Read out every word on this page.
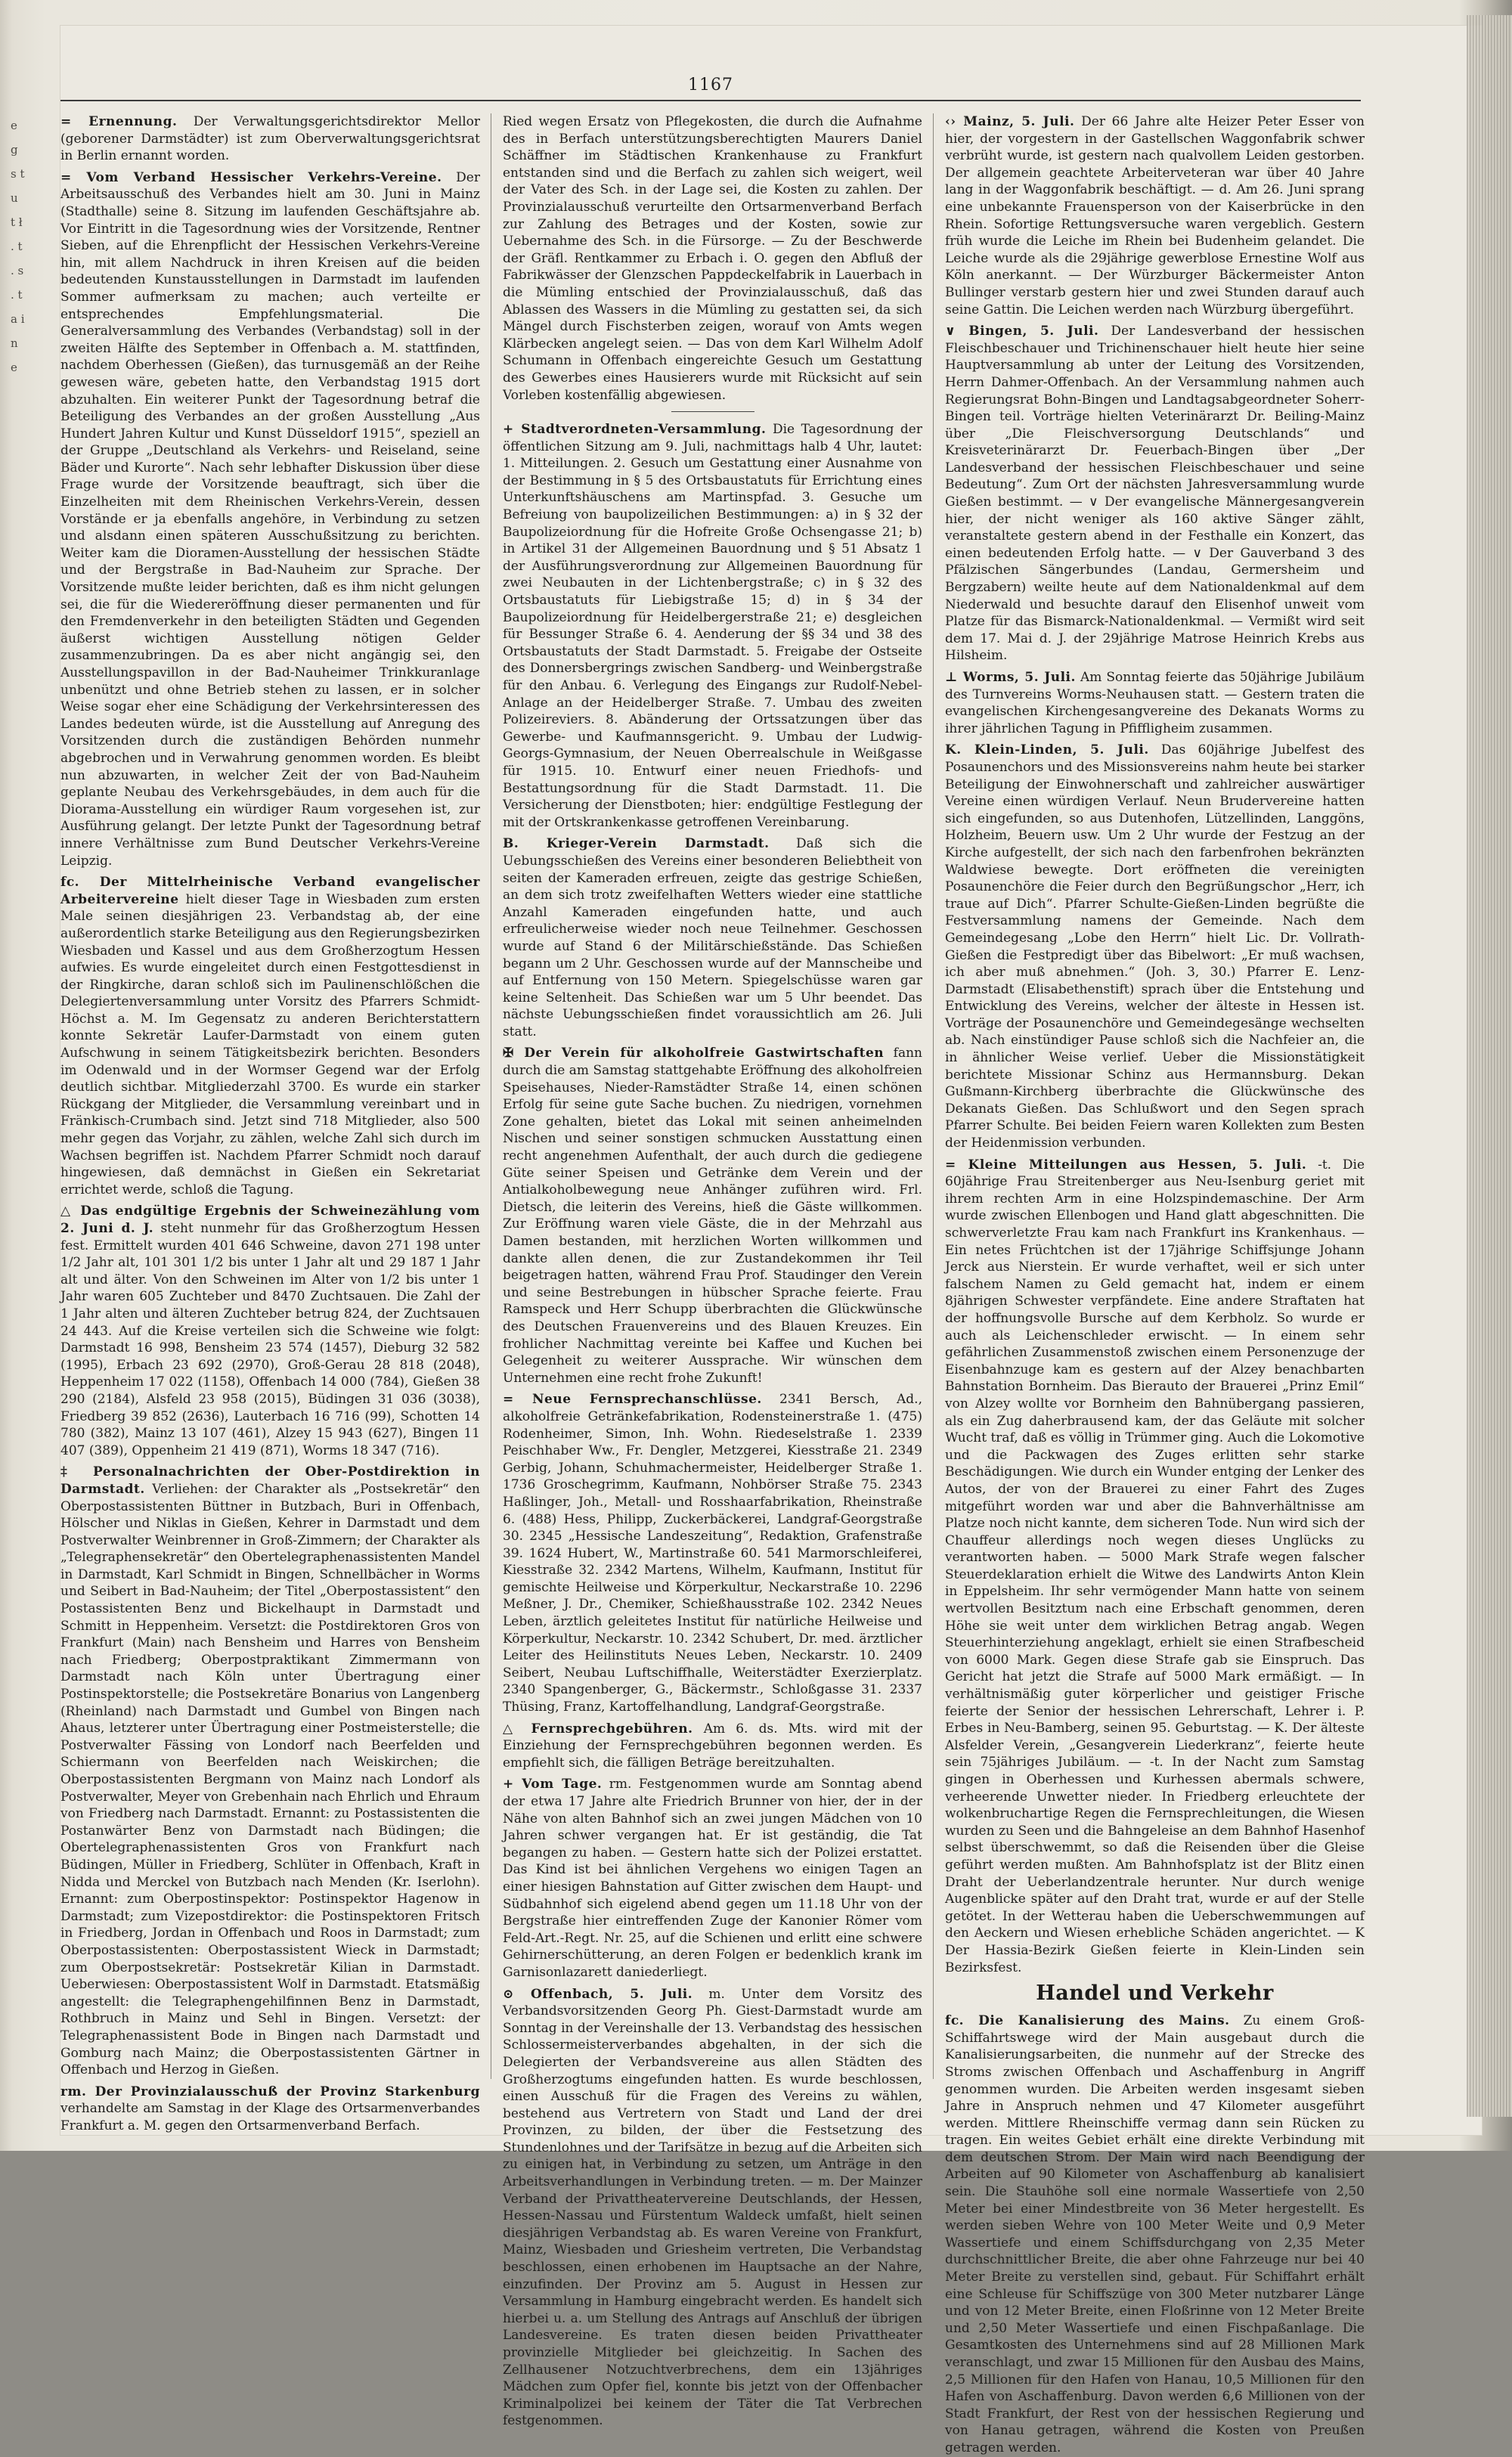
e g s t u t ł . t . s . t a i n e
1167

= Ernennung. Der Verwaltungsgerichtsdirektor Mellor (geborener Darmstädter) ist zum Oberverwaltungsgerichtsrat in Berlin ernannt worden.

= Vom Verband Hessischer Verkehrs-Vereine. Der Arbeitsausschuß des Verbandes hielt am 30. Juni in Mainz (Stadthalle) seine 8. Sitzung im laufenden Geschäftsjahre ab. Vor Eintritt in die Tagesordnung wies der Vorsitzende, Rentner Sieben, auf die Ehrenpflicht der Hessischen Verkehrs-Vereine hin, mit allem Nachdruck in ihren Kreisen auf die beiden bedeutenden Kunstausstellungen in Darmstadt im laufenden Sommer aufmerksam zu machen; auch verteilte er entsprechendes Empfehlungsmaterial. Die Generalversammlung des Verbandes (Verbandstag) soll in der zweiten Hälfte des September in Offenbach a. M. stattfinden, nachdem Oberhessen (Gießen), das turnusgemäß an der Reihe gewesen wäre, gebeten hatte, den Verbandstag 1915 dort abzuhalten. Ein weiterer Punkt der Tagesordnung betraf die Beteiligung des Verbandes an der großen Ausstellung „Aus Hundert Jahren Kultur und Kunst Düsseldorf 1915“, speziell an der Gruppe „Deutschland als Verkehrs- und Reiseland, seine Bäder und Kurorte“. Nach sehr lebhafter Diskussion über diese Frage wurde der Vorsitzende beauftragt, sich über die Einzelheiten mit dem Rheinischen Verkehrs-Verein, dessen Vorstände er ja ebenfalls angehöre, in Verbindung zu setzen und alsdann einen späteren Ausschußsitzung zu berichten. Weiter kam die Dioramen-Ausstellung der hessischen Städte und der Bergstraße in Bad-Nauheim zur Sprache. Der Vorsitzende mußte leider berichten, daß es ihm nicht gelungen sei, die für die Wiedereröffnung dieser permanenten und für den Fremdenverkehr in den beteiligten Städten und Gegenden äußerst wichtigen Ausstellung nötigen Gelder zusammenzubringen. Da es aber nicht angängig sei, den Ausstellungspavillon in der Bad-Nauheimer Trinkkuranlage unbenützt und ohne Betrieb stehen zu lassen, er in solcher Weise sogar eher eine Schädigung der Verkehrsinteressen des Landes bedeuten würde, ist die Ausstellung auf Anregung des Vorsitzenden durch die zuständigen Behörden nunmehr abgebrochen und in Verwahrung genommen worden. Es bleibt nun abzuwarten, in welcher Zeit der von Bad-Nauheim geplante Neubau des Verkehrsgebäudes, in dem auch für die Diorama-Ausstellung ein würdiger Raum vorgesehen ist, zur Ausführung gelangt. Der letzte Punkt der Tagesordnung betraf innere Verhältnisse zum Bund Deutscher Verkehrs-Vereine Leipzig.

fc. Der Mittelrheinische Verband evangelischer Arbeitervereine hielt dieser Tage in Wiesbaden zum ersten Male seinen diesjährigen 23. Verbandstag ab, der eine außerordentlich starke Beteiligung aus den Regierungsbezirken Wiesbaden und Kassel und aus dem Großherzogtum Hessen aufwies. Es wurde eingeleitet durch einen Festgottesdienst in der Ringkirche, daran schloß sich im Paulinenschlößchen die Delegiertenversammlung unter Vorsitz des Pfarrers Schmidt-Höchst a. M. Im Gegensatz zu anderen Berichterstattern konnte Sekretär Laufer-Darmstadt von einem guten Aufschwung in seinem Tätigkeitsbezirk berichten. Besonders im Odenwald und in der Wormser Gegend war der Erfolg deutlich sichtbar. Mitgliederzahl 3700. Es wurde ein starker Rückgang der Mitglieder, die Versammlung vereinbart und in Fränkisch-Crumbach sind. Jetzt sind 718 Mitglieder, also 500 mehr gegen das Vorjahr, zu zählen, welche Zahl sich durch im Wachsen begriffen ist. Nachdem Pfarrer Schmidt noch darauf hingewiesen, daß demnächst in Gießen ein Sekretariat errichtet werde, schloß die Tagung.

△ Das endgültige Ergebnis der Schweinezählung vom 2. Juni d. J. steht nunmehr für das Großherzogtum Hessen fest. Ermittelt wurden 401 646 Schweine, davon 271 198 unter 1/2 Jahr alt, 101 301 1/2 bis unter 1 Jahr alt und 29 187 1 Jahr alt und älter. Von den Schweinen im Alter von 1/2 bis unter 1 Jahr waren 605 Zuchteber und 8470 Zuchtsauen. Die Zahl der 1 Jahr alten und älteren Zuchteber betrug 824, der Zuchtsauen 24 443. Auf die Kreise verteilen sich die Schweine wie folgt: Darmstadt 16 998, Bensheim 23 574 (1457), Dieburg 32 582 (1995), Erbach 23 692 (2970), Groß-Gerau 28 818 (2048), Heppenheim 17 022 (1158), Offenbach 14 000 (784), Gießen 38 290 (2184), Alsfeld 23 958 (2015), Büdingen 31 036 (3038), Friedberg 39 852 (2636), Lauterbach 16 716 (99), Schotten 14 780 (382), Mainz 13 107 (461), Alzey 15 943 (627), Bingen 11 407 (389), Oppenheim 21 419 (871), Worms 18 347 (716).

‡ Personalnachrichten der Ober-Postdirektion in Darmstadt. Verliehen: der Charakter als „Postsekretär“ den Oberpostassistenten Büttner in Butzbach, Buri in Offenbach, Hölscher und Niklas in Gießen, Kehrer in Darmstadt und dem Postverwalter Weinbrenner in Groß-Zimmern; der Charakter als „Telegraphensekretär“ den Obertelegraphenassistenten Mandel in Darmstadt, Karl Schmidt in Bingen, Schnellbächer in Worms und Seibert in Bad-Nauheim; der Titel „Oberpostassistent“ den Postassistenten Benz und Bickelhaupt in Darmstadt und Schmitt in Heppenheim. Versetzt: die Postdirektoren Gros von Frankfurt (Main) nach Bensheim und Harres von Bensheim nach Friedberg; Oberpostpraktikant Zimmermann von Darmstadt nach Köln unter Übertragung einer Postinspektorstelle; die Postsekretäre Bonarius von Langenberg (Rheinland) nach Darmstadt und Gumbel von Bingen nach Ahaus, letzterer unter Übertragung einer Postmeisterstelle; die Postverwalter Fässing von Londorf nach Beerfelden und Schiermann von Beerfelden nach Weiskirchen; die Oberpostassistenten Bergmann von Mainz nach Londorf als Postverwalter, Meyer von Grebenhain nach Ehrlich und Ehraum von Friedberg nach Darmstadt. Ernannt: zu Postassistenten die Postanwärter Benz von Darmstadt nach Büdingen; die Obertelegraphenassistenten Gros von Frankfurt nach Büdingen, Müller in Friedberg, Schlüter in Offenbach, Kraft in Nidda und Merckel von Butzbach nach Menden (Kr. Iserlohn). Ernannt: zum Oberpostinspektor: Postinspektor Hagenow in Darmstadt; zum Vizepostdirektor: die Postinspektoren Fritsch in Friedberg, Jordan in Offenbach und Roos in Darmstadt; zum Oberpostassistenten: Oberpostassistent Wieck in Darmstadt; zum Oberpostsekretär: Postsekretär Kilian in Darmstadt. Ueberwiesen: Oberpostassistent Wolf in Darmstadt. Etatsmäßig angestellt: die Telegraphengehilfinnen Benz in Darmstadt, Rothbruch in Mainz und Sehl in Bingen. Versetzt: der Telegraphenassistent Bode in Bingen nach Darmstadt und Gomburg nach Mainz; die Oberpostassistenten Gärtner in Offenbach und Herzog in Gießen.

rm. Der Provinzialausschuß der Provinz Starkenburg verhandelte am Samstag in der Klage des Ortsarmenverbandes Frankfurt a. M. gegen den Ortsarmenverband Berfach.

Ried wegen Ersatz von Pflegekosten, die durch die Aufnahme des in Berfach unterstützungsberechtigten Maurers Daniel Schäffner im Städtischen Krankenhause zu Frankfurt entstanden sind und die Berfach zu zahlen sich weigert, weil der Vater des Sch. in der Lage sei, die Kosten zu zahlen. Der Provinzialausschuß verurteilte den Ortsarmenverband Berfach zur Zahlung des Betrages und der Kosten, sowie zur Uebernahme des Sch. in die Fürsorge. — Zu der Beschwerde der Gräfl. Rentkammer zu Erbach i. O. gegen den Abfluß der Fabrikwässer der Glenzschen Pappdeckelfabrik in Lauerbach in die Mümling entschied der Provinzialausschuß, daß das Ablassen des Wassers in die Mümling zu gestatten sei, da sich Mängel durch Fischsterben zeigen, worauf von Amts wegen Klärbecken angelegt seien. — Das von dem Karl Wilhelm Adolf Schumann in Offenbach eingereichte Gesuch um Gestattung des Gewerbes eines Hausierers wurde mit Rücksicht auf sein Vorleben kostenfällig abgewiesen.

+ Stadtverordneten-Versammlung. Die Tagesordnung der öffentlichen Sitzung am 9. Juli, nachmittags halb 4 Uhr, lautet: 1. Mitteilungen. 2. Gesuch um Gestattung einer Ausnahme von der Bestimmung in § 5 des Ortsbaustatuts für Errichtung eines Unterkunftshäuschens am Martinspfad. 3. Gesuche um Befreiung von baupolizeilichen Bestimmungen: a) in § 32 der Baupolizeiordnung für die Hofreite Große Ochsengasse 21; b) in Artikel 31 der Allgemeinen Bauordnung und § 51 Absatz 1 der Ausführungsverordnung zur Allgemeinen Bauordnung für zwei Neubauten in der Lichtenbergstraße; c) in § 32 des Ortsbaustatuts für Liebigstraße 15; d) in § 34 der Baupolizeiordnung für Heidelbergerstraße 21; e) desgleichen für Bessunger Straße 6. 4. Aenderung der §§ 34 und 38 des Ortsbaustatuts der Stadt Darmstadt. 5. Freigabe der Ostseite des Donnersbergrings zwischen Sandberg- und Weinbergstraße für den Anbau. 6. Verlegung des Eingangs zur Rudolf-Nebel-Anlage an der Heidelberger Straße. 7. Umbau des zweiten Polizeireviers. 8. Abänderung der Ortssatzungen über das Gewerbe- und Kaufmannsgericht. 9. Umbau der Ludwig-Georgs-Gymnasium, der Neuen Oberrealschule in Weißgasse für 1915. 10. Entwurf einer neuen Friedhofs- und Bestattungsordnung für die Stadt Darmstadt. 11. Die Versicherung der Dienstboten; hier: endgültige Festlegung der mit der Ortskrankenkasse getroffenen Vereinbarung.

B. Krieger-Verein Darmstadt. Daß sich die Uebungsschießen des Vereins einer besonderen Beliebtheit von seiten der Kameraden erfreuen, zeigte das gestrige Schießen, an dem sich trotz zweifelhaften Wetters wieder eine stattliche Anzahl Kameraden eingefunden hatte, und auch erfreulicherweise wieder noch neue Teilnehmer. Geschossen wurde auf Stand 6 der Militärschießstände. Das Schießen begann um 2 Uhr. Geschossen wurde auf der Mannscheibe und auf Entfernung von 150 Metern. Spiegelschüsse waren gar keine Seltenheit. Das Schießen war um 5 Uhr beendet. Das nächste Uebungsschießen findet voraussichtlich am 26. Juli statt.

✠ Der Verein für alkoholfreie Gastwirtschaften fann durch die am Samstag stattgehabte Eröffnung des alkoholfreien Speisehauses, Nieder-Ramstädter Straße 14, einen schönen Erfolg für seine gute Sache buchen. Zu niedrigen, vornehmen Zone gehalten, bietet das Lokal mit seinen anheimelnden Nischen und seiner sonstigen schmucken Ausstattung einen recht angenehmen Aufenthalt, der auch durch die gediegene Güte seiner Speisen und Getränke dem Verein und der Antialkoholbewegung neue Anhänger zuführen wird. Frl. Dietsch, die leiterin des Vereins, hieß die Gäste willkommen. Zur Eröffnung waren viele Gäste, die in der Mehrzahl aus Damen bestanden, mit herzlichen Worten willkommen und dankte allen denen, die zur Zustandekommen ihr Teil beigetragen hatten, während Frau Prof. Staudinger den Verein und seine Bestrebungen in hübscher Sprache feierte. Frau Ramspeck und Herr Schupp überbrachten die Glückwünsche des Deutschen Frauenvereins und des Blauen Kreuzes. Ein frohlicher Nachmittag vereinte bei Kaffee und Kuchen bei Gelegenheit zu weiterer Aussprache. Wir wünschen dem Unternehmen eine recht frohe Zukunft!

= Neue Fernsprechanschlüsse. 2341 Bersch, Ad., alkoholfreie Getränkefabrikation, Rodensteinerstraße 1. (475) Rodenheimer, Simon, Inh. Wohn. Riedeselstraße 1. 2339 Peischhaber Ww., Fr. Dengler, Metzgerei, Kiesstraße 21. 2349 Gerbig, Johann, Schuhmachermeister, Heidelberger Straße 1. 1736 Groschegrimm, Kaufmann, Nohbörser Straße 75. 2343 Haßlinger, Joh., Metall- und Rosshaarfabrikation, Rheinstraße 6. (488) Hess, Philipp, Zuckerbäckerei, Landgraf-Georgstraße 30. 2345 „Hessische Landeszeitung“, Redaktion, Grafenstraße 39. 1624 Hubert, W., Martinstraße 60. 541 Marmorschleiferei, Kiesstraße 32. 2342 Martens, Wilhelm, Kaufmann, Institut für gemischte Heilweise und Körperkultur, Neckarstraße 10. 2296 Meßner, J. Dr., Chemiker, Schießhausstraße 102. 2342 Neues Leben, ärztlich geleitetes Institut für natürliche Heilweise und Körperkultur, Neckarstr. 10. 2342 Schubert, Dr. med. ärztlicher Leiter des Heilinstituts Neues Leben, Neckarstr. 10. 2409 Seibert, Neubau Luftschiffhalle, Weiterstädter Exerzierplatz. 2340 Spangenberger, G., Bäckermstr., Schloßgasse 31. 2337 Thüsing, Franz, Kartoffelhandlung, Landgraf-Georgstraße.

△ Fernsprechgebühren. Am 6. ds. Mts. wird mit der Einziehung der Fernsprechgebühren begonnen werden. Es empfiehlt sich, die fälligen Beträge bereitzuhalten.

+ Vom Tage. rm. Festgenommen wurde am Sonntag abend der etwa 17 Jahre alte Friedrich Brunner von hier, der in der Nähe von alten Bahnhof sich an zwei jungen Mädchen von 10 Jahren schwer vergangen hat. Er ist geständig, die Tat begangen zu haben. — Gestern hatte sich der Polizei erstattet. Das Kind ist bei ähnlichen Vergehens wo einigen Tagen an einer hiesigen Bahnstation auf Gitter zwischen dem Haupt- und Südbahnhof sich eigelend abend gegen um 11.18 Uhr von der Bergstraße hier eintreffenden Zuge der Kanonier Römer vom Feld-Art.-Regt. Nr. 25, auf die Schienen und erlitt eine schwere Gehirnerschütterung, an deren Folgen er bedenklich krank im Garnisonlazarett daniederliegt.

⊙ Offenbach, 5. Juli. m. Unter dem Vorsitz des Verbandsvorsitzenden Georg Ph. Giest-Darmstadt wurde am Sonntag in der Vereinshalle der 13. Verbandstag des hessischen Schlossermeisterverbandes abgehalten, in der sich die Delegierten der Verbandsvereine aus allen Städten des Großherzogtums eingefunden hatten. Es wurde beschlossen, einen Ausschuß für die Fragen des Vereins zu wählen, bestehend aus Vertretern von Stadt und Land der drei Provinzen, zu bilden, der über die Festsetzung des Stundenlohnes und der Tarifsätze in bezug auf die Arbeiten sich zu einigen hat, in Verbindung zu setzen, um Anträge in den Arbeitsverhandlungen in Verbindung treten. — m. Der Mainzer Verband der Privattheatervereine Deutschlands, der Hessen, Hessen-Nassau und Fürstentum Waldeck umfaßt, hielt seinen diesjährigen Verbandstag ab. Es waren Vereine von Frankfurt, Mainz, Wiesbaden und Griesheim vertreten, Die Verbandstag beschlossen, einen erhobenen im Hauptsache an der Nahre, einzufinden. Der Provinz am 5. August in Hessen zur Versammlung in Hamburg eingebracht werden. Es handelt sich hierbei u. a. um Stellung des Antrags auf Anschluß der übrigen Landesvereine. Es traten diesen beiden Privattheater provinzielle Mitglieder bei gleichzeitig. In Sachen des Zellhausener Notzuchtverbrechens, dem ein 13jähriges Mädchen zum Opfer fiel, konnte bis jetzt von der Offenbacher Kriminalpolizei bei keinem der Täter die Tat Verbrechen festgenommen.

‹› Mainz, 5. Juli. Der 66 Jahre alte Heizer Peter Esser von hier, der vorgestern in der Gastellschen Waggonfabrik schwer verbrüht wurde, ist gestern nach qualvollem Leiden gestorben. Der allgemein geachtete Arbeiterveteran war über 40 Jahre lang in der Waggonfabrik beschäftigt. — d. Am 26. Juni sprang eine unbekannte Frauensperson von der Kaiserbrücke in den Rhein. Sofortige Rettungsversuche waren vergeblich. Gestern früh wurde die Leiche im Rhein bei Budenheim gelandet. Die Leiche wurde als die 29jährige gewerblose Ernestine Wolf aus Köln anerkannt. — Der Würzburger Bäckermeister Anton Bullinger verstarb gestern hier und zwei Stunden darauf auch seine Gattin. Die Leichen werden nach Würzburg übergeführt.

∨ Bingen, 5. Juli. Der Landesverband der hessischen Fleischbeschauer und Trichinenschauer hielt heute hier seine Hauptversammlung ab unter der Leitung des Vorsitzenden, Herrn Dahmer-Offenbach. An der Versammlung nahmen auch Regierungsrat Bohn-Bingen und Landtagsabgeordneter Soherr-Bingen teil. Vorträge hielten Veterinärarzt Dr. Beiling-Mainz über „Die Fleischversorgung Deutschlands“ und Kreisveterinärarzt Dr. Feuerbach-Bingen über „Der Landesverband der hessischen Fleischbeschauer und seine Bedeutung“. Zum Ort der nächsten Jahresversammlung wurde Gießen bestimmt. — ∨ Der evangelische Männergesangverein hier, der nicht weniger als 160 aktive Sänger zählt, veranstaltete gestern abend in der Festhalle ein Konzert, das einen bedeutenden Erfolg hatte. — ∨ Der Gauverband 3 des Pfälzischen Sängerbundes (Landau, Germersheim und Bergzabern) weilte heute auf dem Nationaldenkmal auf dem Niederwald und besuchte darauf den Elisenhof unweit vom Platze für das Bismarck-Nationaldenkmal. — Vermißt wird seit dem 17. Mai d. J. der 29jährige Matrose Heinrich Krebs aus Hilsheim.

⊥ Worms, 5. Juli. Am Sonntag feierte das 50jährige Jubiläum des Turnvereins Worms-Neuhausen statt. — Gestern traten die evangelischen Kirchengesangvereine des Dekanats Worms zu ihrer jährlichen Tagung in Pfiffligheim zusammen.

K. Klein-Linden, 5. Juli. Das 60jährige Jubelfest des Posaunenchors und des Missionsvereins nahm heute bei starker Beteiligung der Einwohnerschaft und zahlreicher auswärtiger Vereine einen würdigen Verlauf. Neun Brudervereine hatten sich eingefunden, so aus Dutenhofen, Lützellinden, Langgöns, Holzheim, Beuern usw. Um 2 Uhr wurde der Festzug an der Kirche aufgestellt, der sich nach den farbenfrohen bekränzten Waldwiese bewegte. Dort eröffneten die vereinigten Posaunenchöre die Feier durch den Begrüßungschor „Herr, ich traue auf Dich“. Pfarrer Schulte-Gießen-Linden begrüßte die Festversammlung namens der Gemeinde. Nach dem Gemeindegesang „Lobe den Herrn“ hielt Lic. Dr. Vollrath-Gießen die Festpredigt über das Bibelwort: „Er muß wachsen, ich aber muß abnehmen.“ (Joh. 3, 30.) Pfarrer E. Lenz-Darmstadt (Elisabethenstift) sprach über die Entstehung und Entwicklung des Vereins, welcher der älteste in Hessen ist. Vorträge der Posaunenchöre und Gemeindegesänge wechselten ab. Nach einstündiger Pause schloß sich die Nachfeier an, die in ähnlicher Weise verlief. Ueber die Missionstätigkeit berichtete Missionar Schinz aus Hermannsburg. Dekan Gußmann-Kirchberg überbrachte die Glückwünsche des Dekanats Gießen. Das Schlußwort und den Segen sprach Pfarrer Schulte. Bei beiden Feiern waren Kollekten zum Besten der Heidenmission verbunden.

= Kleine Mitteilungen aus Hessen, 5. Juli. -t. Die 60jährige Frau Streitenberger aus Neu-Isenburg geriet mit ihrem rechten Arm in eine Holzspindemaschine. Der Arm wurde zwischen Ellenbogen und Hand glatt abgeschnitten. Die schwerverletzte Frau kam nach Frankfurt ins Krankenhaus. — Ein netes Früchtchen ist der 17jährige Schiffsjunge Johann Jerck aus Nierstein. Er wurde verhaftet, weil er sich unter falschem Namen zu Geld gemacht hat, indem er einem 8jährigen Schwester verpfändete. Eine andere Straftaten hat der hoffnungsvolle Bursche auf dem Kerbholz. So wurde er auch als Leichenschleder erwischt. — In einem sehr gefährlichen Zusammenstoß zwischen einem Personenzuge der Eisenbahnzuge kam es gestern auf der Alzey benachbarten Bahnstation Bornheim. Das Bierauto der Brauerei „Prinz Emil“ von Alzey wollte vor Bornheim den Bahnübergang passieren, als ein Zug daherbrausend kam, der das Geläute mit solcher Wucht traf, daß es völlig in Trümmer ging. Auch die Lokomotive und die Packwagen des Zuges erlitten sehr starke Beschädigungen. Wie durch ein Wunder entging der Lenker des Autos, der von der Brauerei zu einer Fahrt des Zuges mitgeführt worden war und aber die Bahnverhältnisse am Platze noch nicht kannte, dem sicheren Tode. Nun wird sich der Chauffeur allerdings noch wegen dieses Unglücks zu verantworten haben. — 5000 Mark Strafe wegen falscher Steuerdeklaration erhielt die Witwe des Landwirts Anton Klein in Eppelsheim. Ihr sehr vermögender Mann hatte von seinem wertvollen Besitztum nach eine Erbschaft genommen, deren Höhe sie weit unter dem wirklichen Betrag angab. Wegen Steuerhinterziehung angeklagt, erhielt sie einen Strafbescheid von 6000 Mark. Gegen diese Strafe gab sie Einspruch. Das Gericht hat jetzt die Strafe auf 5000 Mark ermäßigt. — In verhältnismäßig guter körperlicher und geistiger Frische feierte der Senior der hessischen Lehrerschaft, Lehrer i. P. Erbes in Neu-Bamberg, seinen 95. Geburtstag. — K. Der älteste Alsfelder Verein, „Gesangverein Liederkranz“, feierte heute sein 75jähriges Jubiläum. — -t. In der Nacht zum Samstag gingen in Oberhessen und Kurhessen abermals schwere, verheerende Unwetter nieder. In Friedberg erleuchtete der wolkenbruchartige Regen die Fernsprechleitungen, die Wiesen wurden zu Seen und die Bahngeleise an dem Bahnhof Hasenhof selbst überschwemmt, so daß die Reisenden über die Gleise geführt werden mußten. Am Bahnhofsplatz ist der Blitz einen Draht der Ueberlandzentrale herunter. Nur durch wenige Augenblicke später auf den Draht trat, wurde er auf der Stelle getötet. In der Wetterau haben die Ueberschwemmungen auf den Aeckern und Wiesen erhebliche Schäden angerichtet. — K Der Hassia-Bezirk Gießen feierte in Klein-Linden sein Bezirksfest.

Handel und Verkehr

fc. Die Kanalisierung des Mains. Zu einem Groß-Schiffahrtswege wird der Main ausgebaut durch die Kanalisierungsarbeiten, die nunmehr auf der Strecke des Stroms zwischen Offenbach und Aschaffenburg in Angriff genommen wurden. Die Arbeiten werden insgesamt sieben Jahre in Anspruch nehmen und 47 Kilometer ausgeführt werden. Mittlere Rheinschiffe vermag dann sein Rücken zu tragen. Ein weites Gebiet erhält eine direkte Verbindung mit dem deutschen Strom. Der Main wird nach Beendigung der Arbeiten auf 90 Kilometer von Aschaffenburg ab kanalisiert sein. Die Stauhöhe soll eine normale Wassertiefe von 2,50 Meter bei einer Mindestbreite von 36 Meter hergestellt. Es werden sieben Wehre von 100 Meter Weite und 0,9 Meter Wassertiefe und einem Schiffsdurchgang von 2,35 Meter durchschnittlicher Breite, die aber ohne Fahrzeuge nur bei 40 Meter Breite zu verstellen sind, gebaut. Für Schiffahrt erhält eine Schleuse für Schiffszüge von 300 Meter nutzbarer Länge und von 12 Meter Breite, einen Floßrinne von 12 Meter Breite und 2,50 Meter Wassertiefe und einen Fischpaßanlage. Die Gesamtkosten des Unternehmens sind auf 28 Millionen Mark veranschlagt, und zwar 15 Millionen für den Ausbau des Mains, 2,5 Millionen für den Hafen von Hanau, 10,5 Millionen für den Hafen von Aschaffenburg. Davon werden 6,6 Millionen von der Stadt Frankfurt, der Rest von der hessischen Regierung und von Hanau getragen, während die Kosten von Preußen getragen werden.
